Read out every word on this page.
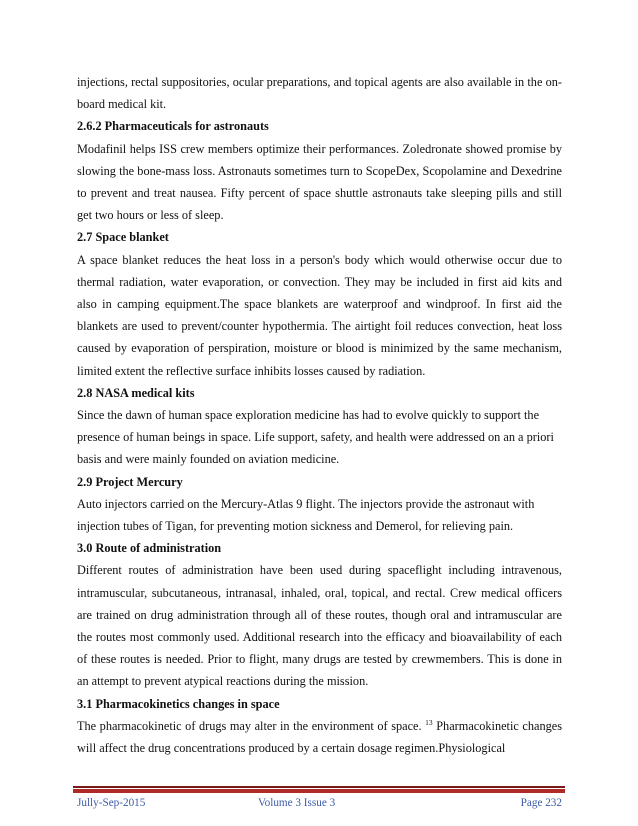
injections, rectal suppositories, ocular preparations, and topical agents are also available in the on-board medical kit.

2.6.2 Pharmaceuticals for astronauts

Modafinil helps ISS crew members optimize their performances. Zoledronate showed promise by slowing the bone-mass loss. Astronauts sometimes turn to ScopeDex, Scopolamine and Dexedrine to prevent and treat nausea. Fifty percent of space shuttle astronauts take sleeping pills and still get two hours or less of sleep.

2.7 Space blanket

A space blanket reduces the heat loss in a person's body which would otherwise occur due to thermal radiation, water evaporation, or convection. They may be included in first aid kits and also in camping equipment.The space blankets are waterproof and windproof. In first aid the blankets are used to prevent/counter hypothermia. The airtight foil reduces convection, heat loss caused by evaporation of perspiration, moisture or blood is minimized by the same mechanism, limited extent the reflective surface inhibits losses caused by radiation.

2.8 NASA medical kits

Since the dawn of human space exploration medicine has had to evolve quickly to support the presence of human beings in space. Life support, safety, and health were addressed on an a priori basis and were mainly founded on aviation medicine.

2.9 Project Mercury

Auto injectors carried on the Mercury-Atlas 9 flight. The injectors provide the astronaut with injection tubes of Tigan, for preventing motion sickness and Demerol, for relieving pain.

3.0 Route of administration

Different routes of administration have been used during spaceflight including intravenous, intramuscular, subcutaneous, intranasal, inhaled, oral, topical, and rectal. Crew medical officers are trained on drug administration through all of these routes, though oral and intramuscular are the routes most commonly used. Additional research into the efficacy and bioavailability of each of these routes is needed. Prior to flight, many drugs are tested by crewmembers. This is done in an attempt to prevent atypical reactions during the mission.

3.1 Pharmacokinetics changes in space

The pharmacokinetic of drugs may alter in the environment of space. $^{13}$ Pharmacokinetic changes will affect the drug concentrations produced by a certain dosage regimen.Physiological

Jully-Sep-2015	Volume 3 Issue 3	Page 232
